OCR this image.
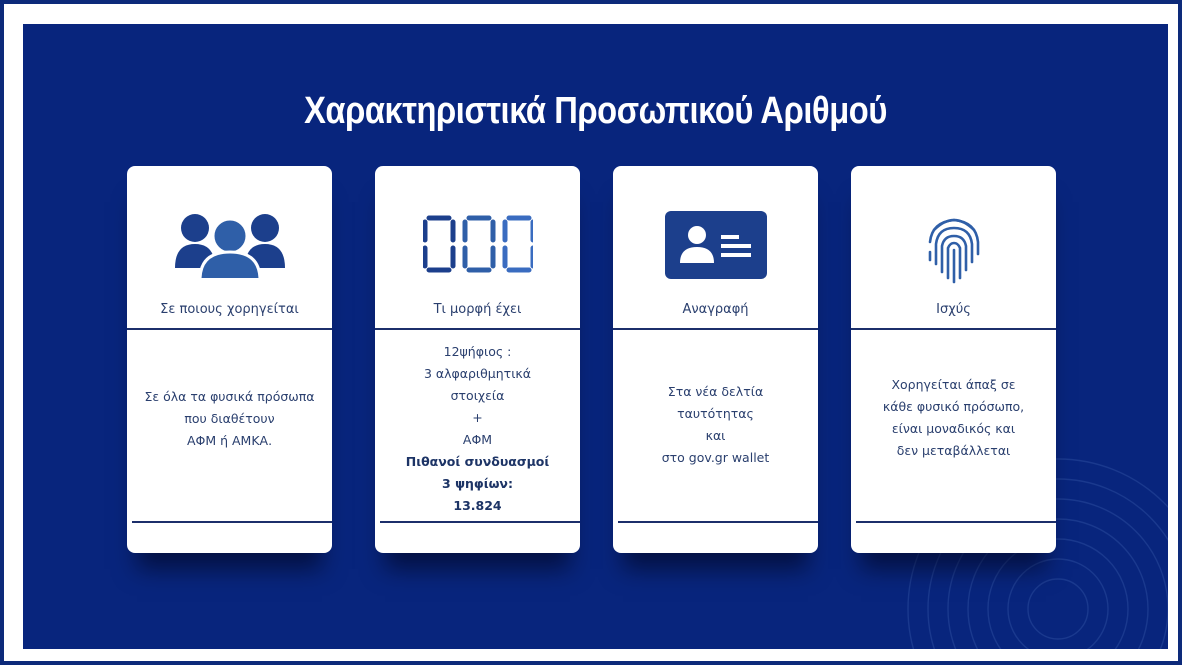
Χαρακτηριστικά Προσωπικού Αριθμού
Σε ποιους χορηγείται
Σε όλα τα φυσικά πρόσωπα
που διαθέτουν
ΑΦΜ ή ΑΜΚΑ.
Τι μορφή έχει
12ψήφιος :
3 αλφαριθμητικά
στοιχεία
+
ΑΦΜ
Πιθανοί συνδυασμοί
3 ψηφίων:
13.824
Αναγραφή
Στα νέα δελτία
ταυτότητας
και
στο gov.gr wallet
Ισχύς
Χορηγείται άπαξ σε
κάθε φυσικό πρόσωπο,
είναι μοναδικός και
δεν μεταβάλλεται
